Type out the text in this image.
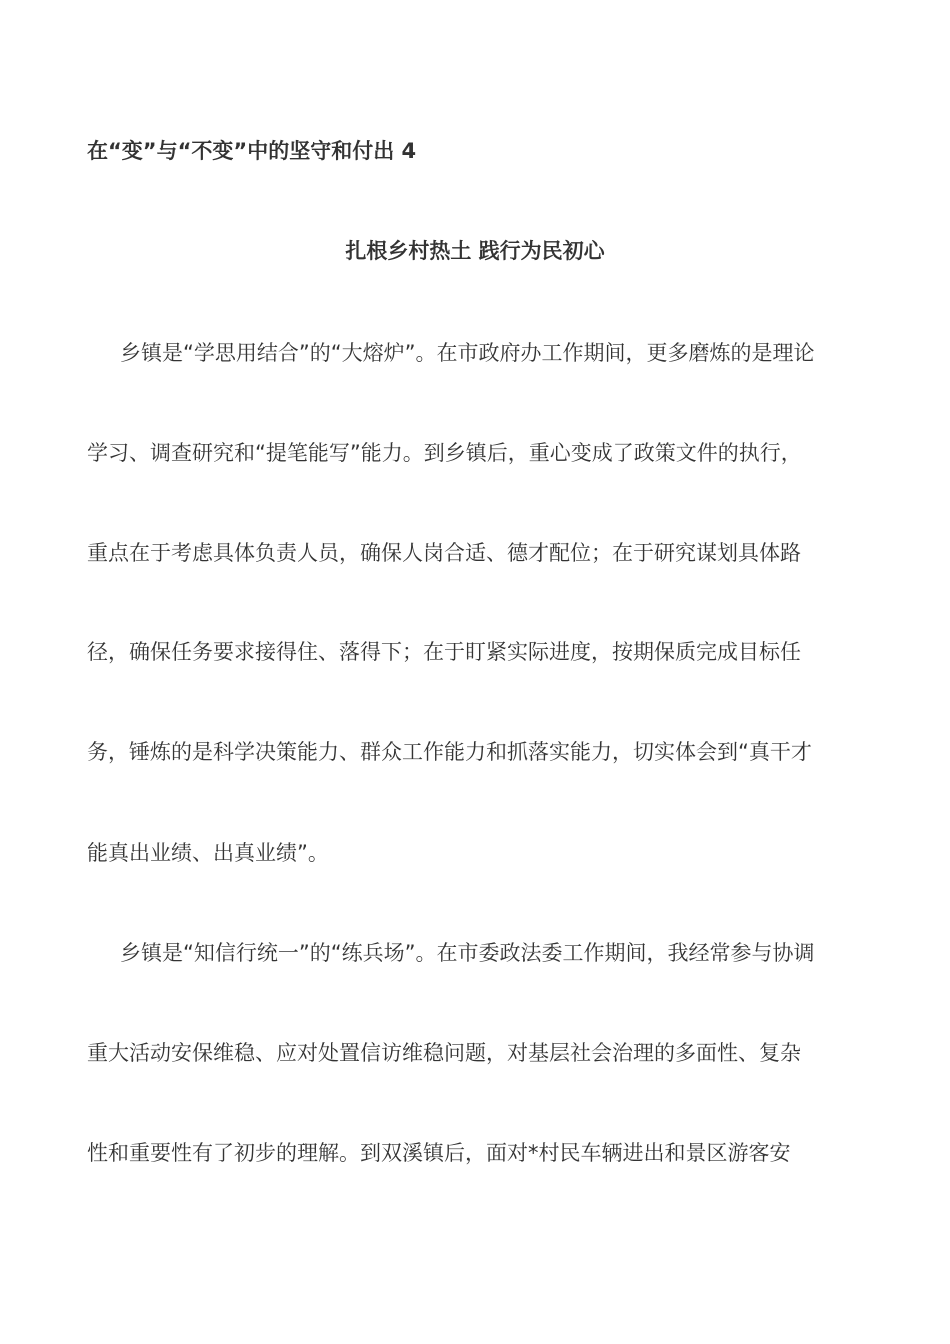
在“变”与“不变”中的坚守和付出 4
扎根乡村热土 践行为民初心
乡镇是“学思用结合”的“大熔炉”。在市政府办工作期间，更多磨炼的是理论
学习、调查研究和“提笔能写”能力。到乡镇后，重心变成了政策文件的执行，
重点在于考虑具体负责人员，确保人岗合适、德才配位；在于研究谋划具体路
径，确保任务要求接得住、落得下；在于盯紧实际进度，按期保质完成目标任
务，锤炼的是科学决策能力、群众工作能力和抓落实能力，切实体会到“真干才
能真出业绩、出真业绩”。
乡镇是“知信行统一”的“练兵场”。在市委政法委工作期间，我经常参与协调
重大活动安保维稳、应对处置信访维稳问题，对基层社会治理的多面性、复杂
性和重要性有了初步的理解。到双溪镇后，面对*村民车辆进出和景区游客安
